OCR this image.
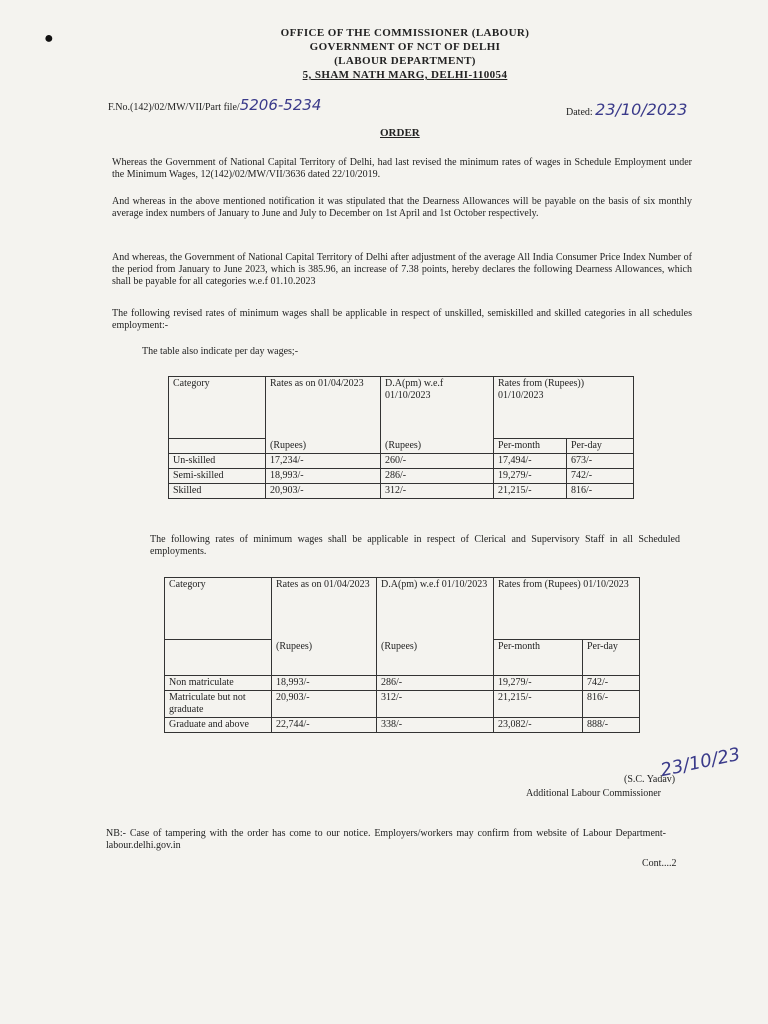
●	OFFICE OF THE COMMISSIONER (LABOUR)
GOVERNMENT OF NCT OF DELHI
(LABOUR DEPARTMENT)
5, SHAM NATH MARG, DELHI-110054
F.No.(142)/02/MW/VII/Part file/5206-5234	Dated: 23/10/2023
ORDER
Whereas the Government of National Capital Territory of Delhi, had last revised the minimum rates of wages in Schedule Employment under the Minimum Wages, 12(142)/02/MW/VII/3636 dated 22/10/2019.
And whereas in the above mentioned notification it was stipulated that the Dearness Allowances will be payable on the basis of six monthly average index numbers of January to June and July to December on 1st April and 1st October respectively.
And whereas, the Government of National Capital Territory of Delhi after adjustment of the average All India Consumer Price Index Number of the period from January to June 2023, which is 385.96, an increase of 7.38 points, hereby declares the following Dearness Allowances, which shall be payable for all categories w.e.f 01.10.2023
The following revised rates of minimum wages shall be applicable in respect of unskilled, semiskilled and skilled categories in all schedules employment:-
The table also indicate per day wages;-
Category	Rates as on 01/04/2023	D.A(pm) w.e.f 01/10/2023	Rates from (Rupees)) 01/10/2023	
	(Rupees)	(Rupees)	Per-month	Per-day
Un-skilled	17,234/-	260/-	17,494/-	673/-
Semi-skilled	18,993/-	286/-	19,279/-	742/-
Skilled	20,903/-	312/-	21,215/-	816/-
The following rates of minimum wages shall be applicable in respect of Clerical and Supervisory Staff in all Scheduled employments.
Category	Rates as on 01/04/2023	D.A(pm) w.e.f 01/10/2023	Rates from (Rupees) 01/10/2023	
	(Rupees)	(Rupees)	Per-month	Per-day
Non matriculate	18,993/-	286/-	19,279/-	742/-
Matriculate but not graduate	20,903/-	312/-	21,215/-	816/-
Graduate and above	22,744/-	338/-	23,082/-	888/-
23/10/23
(S.C. Yadav)
Additional Labour Commissioner
NB:- Case of tampering with the order has come to our notice. Employers/workers may confirm from website of Labour Department- labour.delhi.gov.in
Cont....2
